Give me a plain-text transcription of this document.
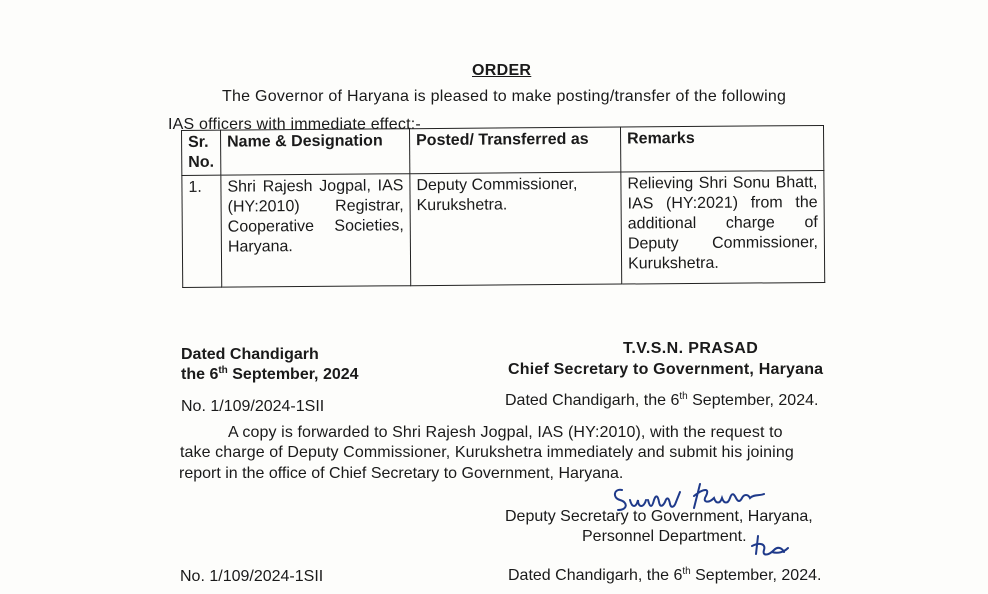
ORDER
The Governor of Haryana is pleased to make posting/transfer of the following
IAS officers with immediate effect:-
Sr. No.	Name & Designation	Posted/ Transferred as	Remarks
1.	Shri Rajesh Jogpal, IAS (HY:2010) Registrar, Cooperative Societies, Haryana.	Deputy Commissioner, Kurukshetra.	Relieving Shri Sonu Bhatt, IAS (HY:2021) from the additional charge of Deputy Commissioner, Kurukshetra.
Dated Chandigarh
the 6th September, 2024
T.V.S.N. PRASAD
Chief Secretary to Government, Haryana
No. 1/109/2024-1SII	Dated Chandigarh, the 6th September, 2024.
A copy is forwarded to Shri Rajesh Jogpal, IAS (HY:2010), with the request to
take charge of Deputy Commissioner, Kurukshetra immediately and submit his joining
report in the office of Chief Secretary to Government, Haryana.
Deputy Secretary to Government, Haryana,
Personnel Department.
No. 1/109/2024-1SII	Dated Chandigarh, the 6th September, 2024.
